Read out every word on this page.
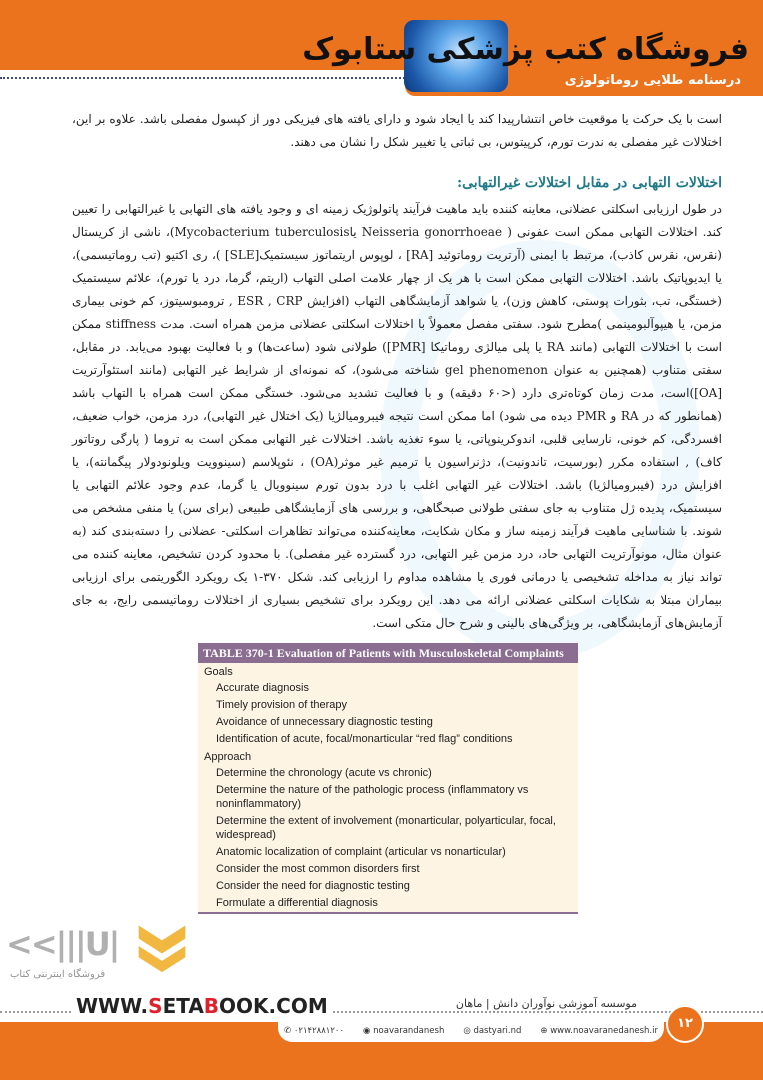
درسنامه طلایی روماتولوژی
فروشگاه کتب پزشکی ستابوک

است با یک حرکت یا موقعیت خاص انتشارپیدا کند یا ایجاد شود و دارای یافته های فیزیکی دور از کپسول مفصلی باشد. علاوه بر این، اختلالات غیر مفصلی به ندرت تورم، کرپیتوس، بی ثباتی یا تغییر شکل را نشان می دهند.

اختلالات التهابی در مقابل اختلالات غیرالتهابی:

در طول ارزیابی اسکلتی عضلانی، معاینه کننده باید ماهیت فرآیند پاتولوژیک زمینه ای و وجود یافته های التهابی یا غیرالتهابی را تعیین کند. اختلالات التهابی ممکن است عفونی ( Neisseria gonorrhoeae یاMycobacterium tuberculosis)، ناشی از کریستال (نقرس، نقرس کاذب)، مرتبط با ایمنی (آرتریت روماتوئید [RA] ، لوپوس اریتماتوز سیستمیک[SLE] )، ری اکتیو (تب روماتیسمی)، یا ایدیوپاتیک باشد. اختلالات التهابی ممکن است با هر یک از چهار علامت اصلی التهاب (اریتم، گرما، درد یا تورم)، علائم سیستمیک (خستگی، تب، بثورات پوستی، کاهش وزن)، یا شواهد آزمایشگاهی التهاب (افزایش ESR , CRP , ترومبوسیتوز، کم خونی بیماری مزمن، یا هیپوآلبومینمی )مطرح شود. سفتی مفصل معمولاً با اختلالات اسکلتی عضلانی مزمن همراه است. مدت stiffness ممکن است با اختلالات التهابی (مانند RA یا پلی میالژی روماتیکا [PMR]) طولانی شود (ساعت‌ها) و با فعالیت بهبود می‌یابد. در مقابل، سفتی متناوب (همچنین به عنوان gel phenomenon شناخته می‌شود)، که نمونه‌ای از شرایط غیر التهابی (مانند استئوآرتریت [OA])است، مدت زمان کوتاه‌تری دارد (<۶۰ دقیقه) و با فعالیت تشدید می‌شود. خستگی ممکن است همراه با التهاب باشد (همانطور که در RA و PMR دیده می شود) اما ممکن است نتیجه فیبرومیالژیا (یک اختلال غیر التهابی)، درد مزمن، خواب ضعیف، افسردگی، کم خونی، نارسایی قلبی، اندوکرینوپاتی، یا سوء تغذیه باشد. اختلالات غیر التهابی ممکن است به تروما ( پارگی روتاتور کاف) , استفاده مکرر (بورسیت، تاندونیت)، دژنراسیون یا ترمیم غیر موثر(OA) ، نئوپلاسم (سینوویت ویلونودولار پیگمانته)، یا افزایش درد (فیبرومیالژیا) باشد. اختلالات غیر التهابی اغلب با درد بدون تورم سینوویال یا گرما، عدم وجود علائم التهابی یا سیستمیک، پدیده ژل متناوب به جای سفتی طولانی صبحگاهی، و بررسی های آزمایشگاهی طبیعی (برای سن) یا منفی مشخص می شوند. با شناسایی ماهیت فرآیند زمینه ساز و مکان شکایت، معاینه‌کننده می‌تواند تظاهرات اسکلتی- عضلانی را دسته‌بندی کند (به عنوان مثال، مونوآرتریت التهابی حاد، درد مزمن غیر التهابی، درد گسترده غیر مفصلی). با محدود کردن تشخیص، معاینه کننده می تواند نیاز به مداخله تشخیصی یا درمانی فوری یا مشاهده مداوم را ارزیابی کند. شکل ۳۷۰-۱ یک رویکرد الگوریتمی برای ارزیابی بیماران مبتلا به شکایات اسکلتی عضلانی ارائه می دهد. این رویکرد برای تشخیص بسیاری از اختلالات روماتیسمی رایج، به جای آزمایش‌های آزمایشگاهی، بر ویژگی‌های بالینی و شرح حال متکی است.

TABLE 370-1 Evaluation of Patients with Musculoskeletal Complaints
Goals
Accurate diagnosis
Timely provision of therapy
Avoidance of unnecessary diagnostic testing
Identification of acute, focal/monarticular “red flag” conditions
Approach
Determine the chronology (acute vs chronic)
Determine the nature of the pathologic process (inflammatory vs noninflammatory)
Determine the extent of involvement (monarticular, polyarticular, focal, widespread)
Anatomic localization of complaint (articular vs nonarticular)
Consider the most common disorders first
Consider the need for diagnostic testing
Formulate a differential diagnosis
<<|||U|
فروشگاه اینترنتی کتاب
WWW.SETABOOK.COM	موسسه آموزشی نوآوران دانش | ماهان
✆ ۰۲۱۴۲۸۸۱۲۰۰ ◉ noavarandanesh ◎ dastyari.nd ⊕ www.noavaranedanesh.ir	۱۲
